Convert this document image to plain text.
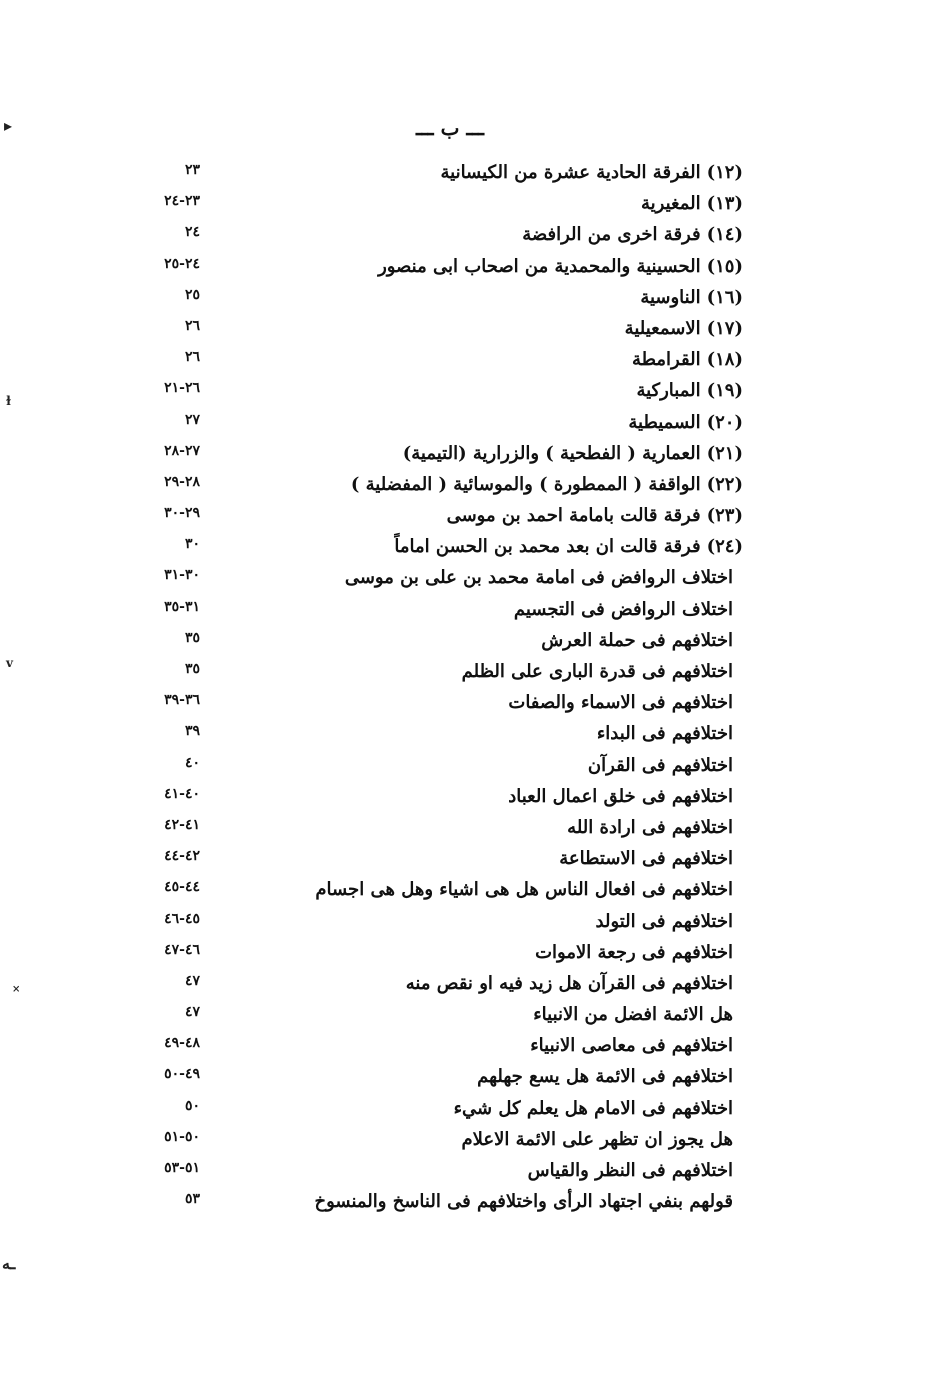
▸
ɫ
v
×
ـه
ـــ ب ـــ
(١٢)الفرقة الحادية عشرة من الكيسانية
٢٣
(١٣)المغيرية
٢٣-٢٤
(١٤)فرقة اخرى من الرافضة
٢٤
(١٥)الحسينية والمحمدية من اصحاب ابى منصور
٢٤-٢٥
(١٦)الناوسية
٢٥
(١٧)الاسمعيلية
٢٦
(١٨)القرامطة
٢٦
(١٩)المباركية
٢٦-٢١
(٢٠)السميطية
٢٧
(٢١)العمارية ( الفطحية ) والزرارية (التيمية)
٢٧-٢٨
(٢٢)الواقفة ( الممطورة ) والموسائية ( المفضلية )
٢٨-٢٩
(٢٣)فرقة قالت بامامة احمد بن موسى
٢٩-٣٠
(٢٤)فرقة قالت ان بعد محمد بن الحسن اماماً
٣٠
اختلاف الروافض فى امامة محمد بن على بن موسى
٣٠-٣١
اختلاف الروافض فى التجسيم
٣١-٣٥
اختلافهم فى حملة العرش
٣٥
اختلافهم فى قدرة البارى على الظلم
٣٥
اختلافهم فى الاسماء والصفات
٣٦-٣٩
اختلافهم فى البداء
٣٩
اختلافهم فى القرآن
٤٠
اختلافهم فى خلق اعمال العباد
٤٠-٤١
اختلافهم فى ارادة الله
٤١-٤٢
اختلافهم فى الاستطاعة
٤٢-٤٤
اختلافهم فى افعال الناس هل هى اشياء وهل هى اجسام
٤٤-٤٥
اختلافهم فى التولد
٤٥-٤٦
اختلافهم فى رجعة الاموات
٤٦-٤٧
اختلافهم فى القرآن هل زيد فيه او نقص منه
٤٧
هل الائمة افضل من الانبياء
٤٧
اختلافهم فى معاصى الانبياء
٤٨-٤٩
اختلافهم فى الائمة هل يسع جهلهم
٤٩-٥٠
اختلافهم فى الامام هل يعلم كل شيء
٥٠
هل يجوز ان تظهر على الائمة الاعلام
٥٠-٥١
اختلافهم فى النظر والقياس
٥١-٥٣
قولهم بنفي اجتهاد الرأى واختلافهم فى الناسخ والمنسوخ
٥٣
